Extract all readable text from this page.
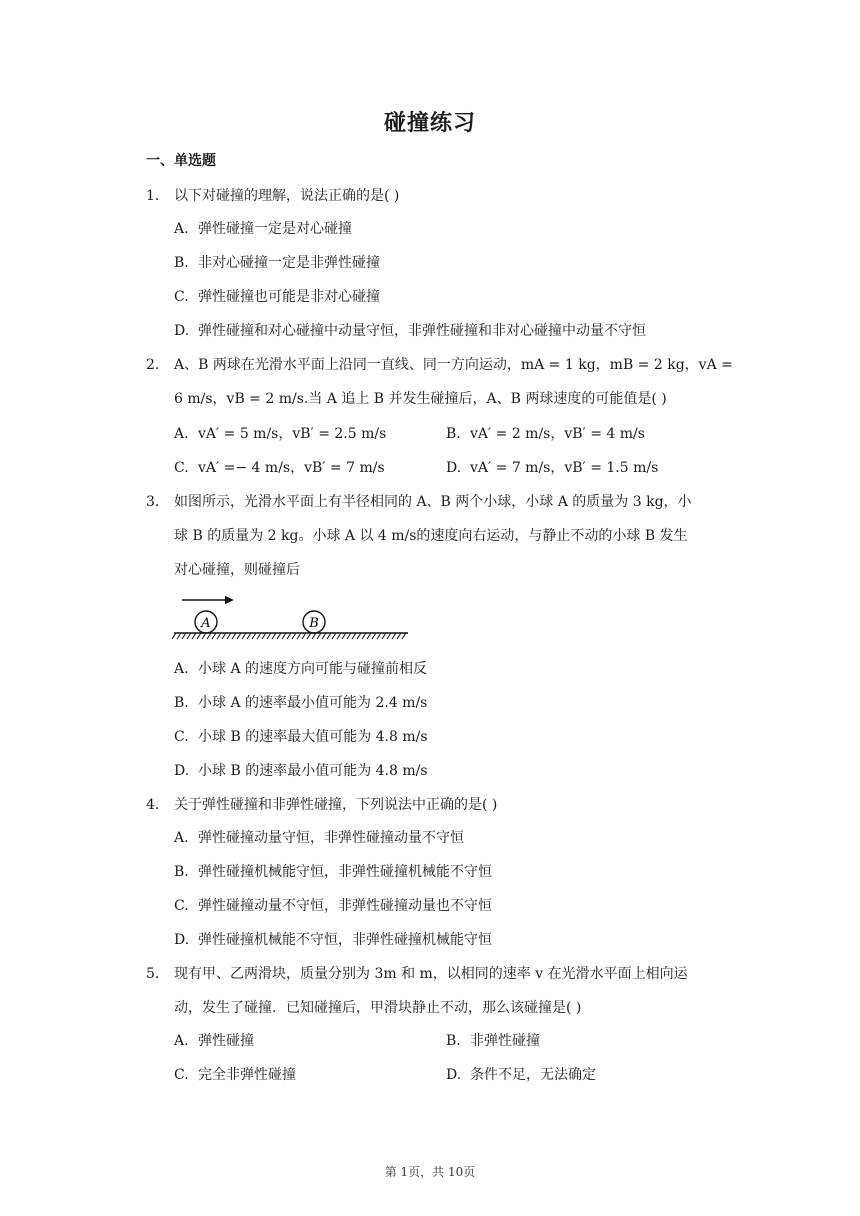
碰撞练习
一、单选题
1. 以下对碰撞的理解，说法正确的是( )
A. 弹性碰撞一定是对心碰撞
B. 非对心碰撞一定是非弹性碰撞
C. 弹性碰撞也可能是非对心碰撞
D. 弹性碰撞和对心碰撞中动量守恒，非弹性碰撞和非对心碰撞中动量不守恒
2. A、B 两球在光滑水平面上沿同一直线、同一方向运动，mA = 1 kg，mB = 2 kg，vA =
6 m/s，vB = 2 m/s.当 A 追上 B 并发生碰撞后，A、B 两球速度的可能值是( )
A. vA′ = 5 m/s，vB′ = 2.5 m/s	B. vA′ = 2 m/s，vB′ = 4 m/s
C. vA′ =− 4 m/s，vB′ = 7 m/s	D. vA′ = 7 m/s，vB′ = 1.5 m/s
3. 如图所示，光滑水平面上有半径相同的 A、B 两个小球，小球 A 的质量为 3 kg，小
球 B 的质量为 2 kg。小球 A 以 4 m/s的速度向右运动，与静止不动的小球 B 发生
对心碰撞，则碰撞后
A	B
A. 小球 A 的速度方向可能与碰撞前相反
B. 小球 A 的速率最小值可能为 2.4 m/s
C. 小球 B 的速率最大值可能为 4.8 m/s
D. 小球 B 的速率最小值可能为 4.8 m/s
4. 关于弹性碰撞和非弹性碰撞，下列说法中正确的是( )
A. 弹性碰撞动量守恒，非弹性碰撞动量不守恒
B. 弹性碰撞机械能守恒，非弹性碰撞机械能不守恒
C. 弹性碰撞动量不守恒，非弹性碰撞动量也不守恒
D. 弹性碰撞机械能不守恒，非弹性碰撞机械能守恒
5. 现有甲、乙两滑块，质量分别为 3m 和 m，以相同的速率 v 在光滑水平面上相向运
动，发生了碰撞．已知碰撞后，甲滑块静止不动，那么该碰撞是( )
A. 弹性碰撞	B. 非弹性碰撞
C. 完全非弹性碰撞	D. 条件不足，无法确定
第 1页，共 10页
